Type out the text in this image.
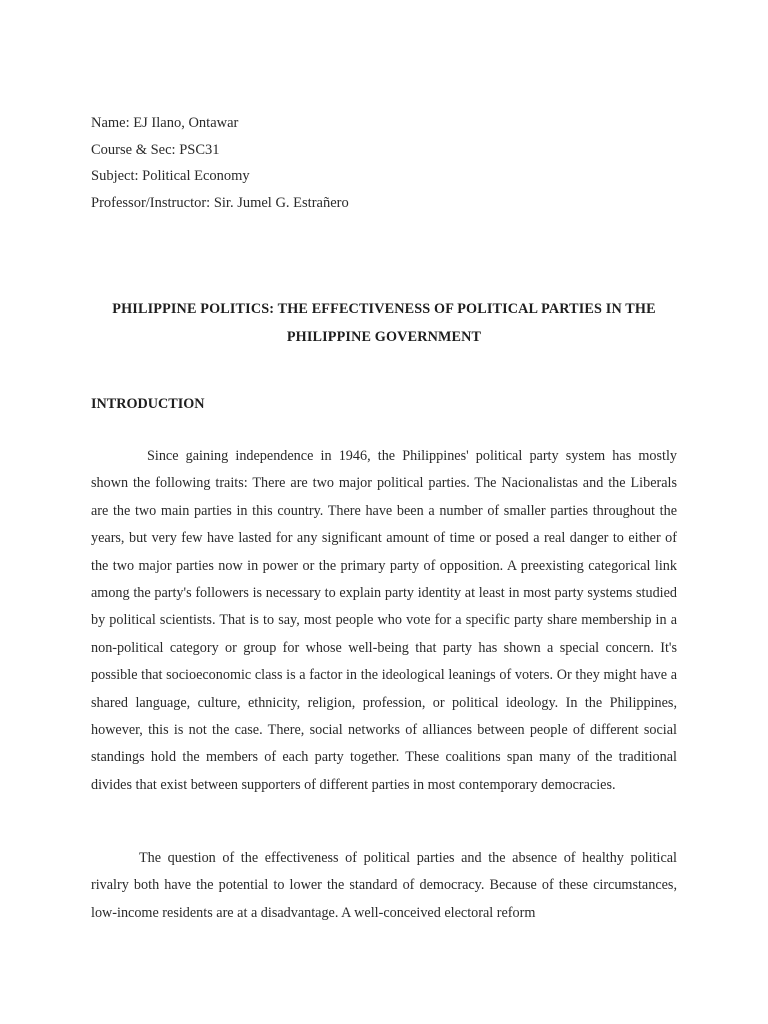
Name: EJ Ilano, Ontawar
Course & Sec: PSC31
Subject: Political Economy
Professor/Instructor: Sir. Jumel G. Estrañero
PHILIPPINE POLITICS: THE EFFECTIVENESS OF POLITICAL PARTIES IN THE
PHILIPPINE GOVERNMENT
INTRODUCTION

Since gaining independence in 1946, the Philippines' political party system has mostly shown the following traits: There are two major political parties. The Nacionalistas and the Liberals are the two main parties in this country. There have been a number of smaller parties throughout the years, but very few have lasted for any significant amount of time or posed a real danger to either of the two major parties now in power or the primary party of opposition. A preexisting categorical link among the party's followers is necessary to explain party identity at least in most party systems studied by political scientists. That is to say, most people who vote for a specific party share membership in a non-political category or group for whose well-being that party has shown a special concern. It's possible that socioeconomic class is a factor in the ideological leanings of voters. Or they might have a shared language, culture, ethnicity, religion, profession, or political ideology. In the Philippines, however, this is not the case. There, social networks of alliances between people of different social standings hold the members of each party together. These coalitions span many of the traditional divides that exist between supporters of different parties in most contemporary democracies.

The question of the effectiveness of political parties and the absence of healthy political rivalry both have the potential to lower the standard of democracy. Because of these circumstances, low-income residents are at a disadvantage. A well-conceived electoral reform
